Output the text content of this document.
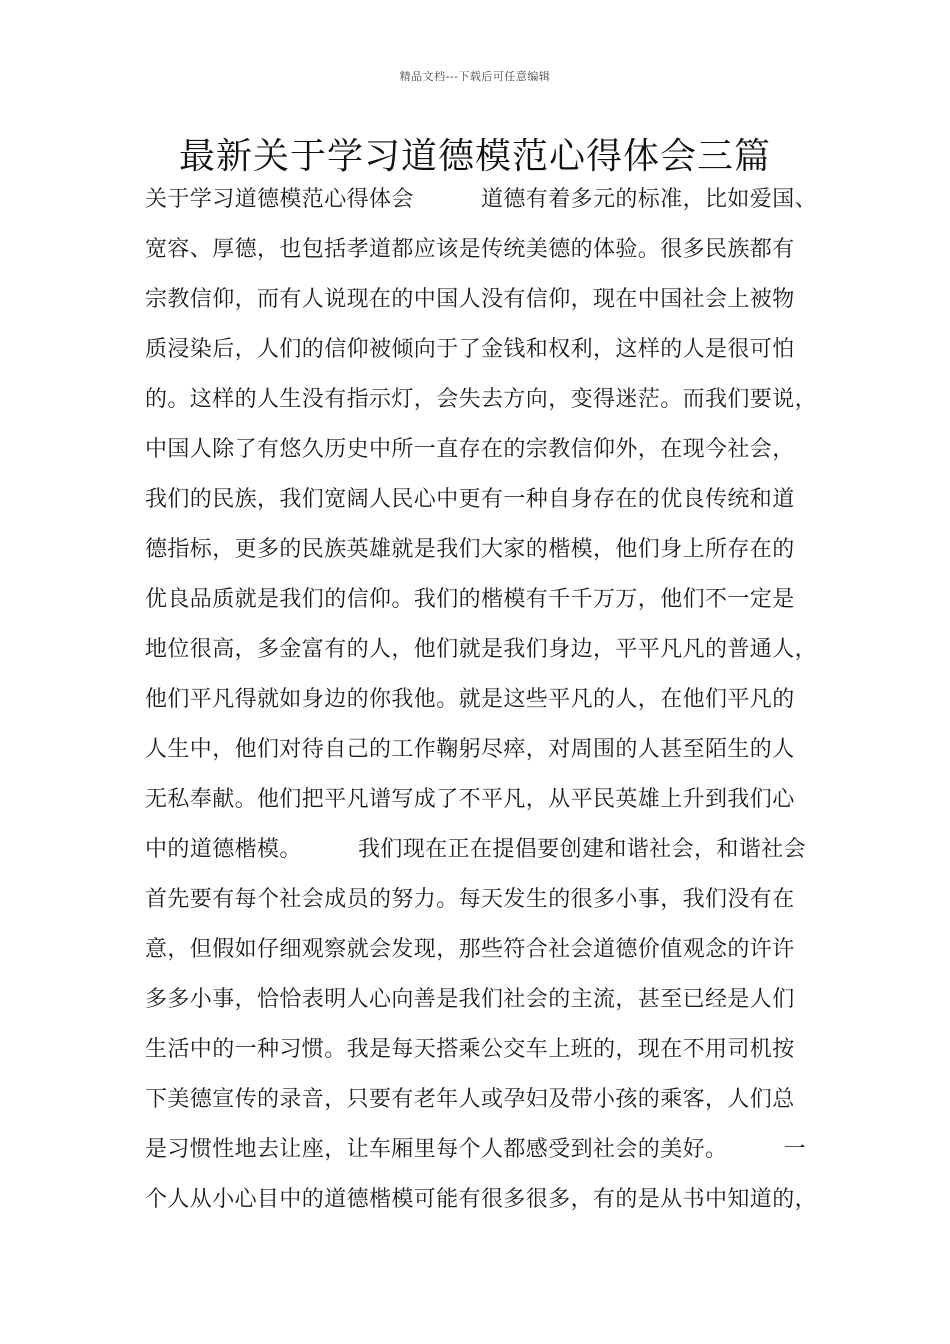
精品文档---下载后可任意编辑
最新关于学习道德模范心得体会三篇
关于学习道德模范心得体会　　　道德有着多元的标准，比如爱国、
宽容、厚德，也包括孝道都应该是传统美德的体验。很多民族都有
宗教信仰，而有人说现在的中国人没有信仰，现在中国社会上被物
质浸染后，人们的信仰被倾向于了金钱和权利，这样的人是很可怕
的。这样的人生没有指示灯，会失去方向，变得迷茫。而我们要说，
中国人除了有悠久历史中所一直存在的宗教信仰外，在现今社会，
我们的民族，我们宽阔人民心中更有一种自身存在的优良传统和道
德指标，更多的民族英雄就是我们大家的楷模，他们身上所存在的
优良品质就是我们的信仰。我们的楷模有千千万万，他们不一定是
地位很高，多金富有的人，他们就是我们身边，平平凡凡的普通人，
他们平凡得就如身边的你我他。就是这些平凡的人，在他们平凡的
人生中，他们对待自己的工作鞠躬尽瘁，对周围的人甚至陌生的人
无私奉献。他们把平凡谱写成了不平凡，从平民英雄上升到我们心
中的道德楷模。　　　我们现在正在提倡要创建和谐社会，和谐社会
首先要有每个社会成员的努力。每天发生的很多小事，我们没有在
意，但假如仔细观察就会发现，那些符合社会道德价值观念的许许
多多小事，恰恰表明人心向善是我们社会的主流，甚至已经是人们
生活中的一种习惯。我是每天搭乘公交车上班的，现在不用司机按
下美德宣传的录音，只要有老年人或孕妇及带小孩的乘客，人们总
是习惯性地去让座，让车厢里每个人都感受到社会的美好。　　　一
个人从小心目中的道德楷模可能有很多很多，有的是从书中知道的，
